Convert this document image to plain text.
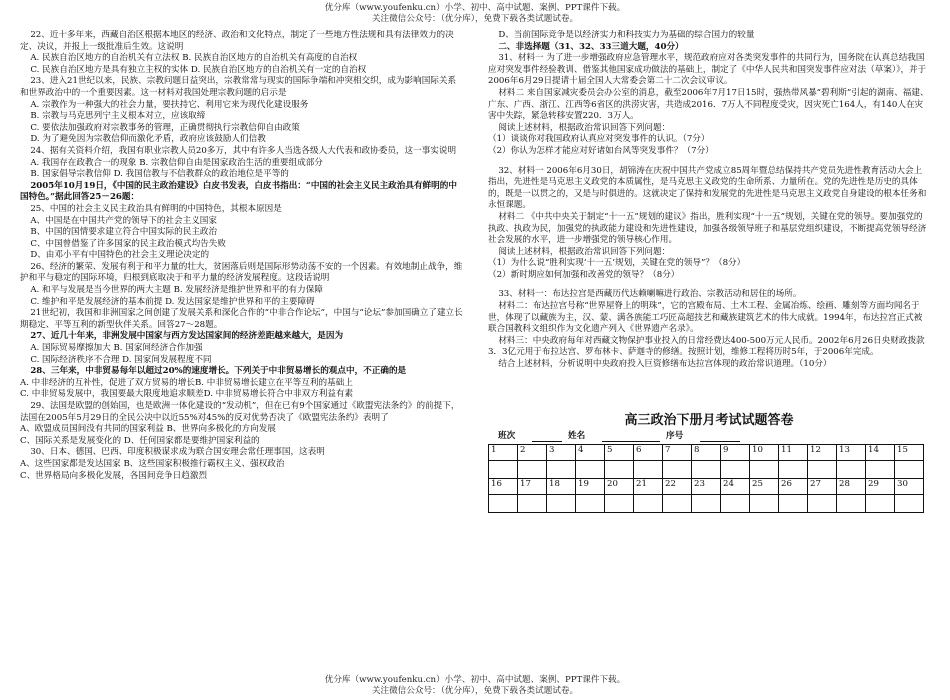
优分库（www.youfenku.cn）小学、初中、高中试题、案例、PPT课件下载。
关注微信公众号：（优分库），免费下载各类试题试卷。

22、近十多年来，西藏自治区根据本地区的经济、政治和文化特点，制定了一些地方性法规和具有法律效力的决定、决议，并报上一级批准后生效。这说明

A. 民族自治区地方的自治机关有立法权 B. 民族自治区地方的自治机关有高度的自治权

C. 民族自治区地方是具有独立主权的实体 D. 民族自治区地方的自治机关有一定的自治权

23、进入21世纪以来，民族、宗教问题日益突出，宗教常常与现实的国际争端和冲突相交织，成为影响国际关系和世界政治中的一个重要因素。这一材料对我国处理宗教问题的启示是

A. 宗教作为一种强大的社会力量，要扶持它、利用它来为现代化建设服务

B. 宗教与马克思列宁主义根本对立，应该取缔

C. 要依法加强政府对宗教事务的管理，正确贯彻执行宗教信仰自由政策

D. 为了避免因为宗教信仰而激化矛盾，政府应该鼓励人们信教

24、据有关资料介绍，我国有职业宗教人员20多万，其中有许多人当选各级人大代表和政协委员，这一事实说明

A. 我国存在政教合一的现象 B. 宗教信仰自由是国家政治生活的重要组成部分

B. 国家倡导宗教信仰 D. 我国信教与不信教群众的政治地位是平等的

2005年10月19日，《中国的民主政治建设》白皮书发表，白皮书指出：“中国的社会主义民主政治具有鲜明的中国特色。”据此回答25－26题：

25、中国的社会主义民主政治具有鲜明的中国特色，其根本原因是

A、中国是在中国共产党的领导下的社会主义国家

B、中国的国情要求建立符合中国实际的民主政治

C、中国曾借鉴了许多国家的民主政治模式均告失败

D、由邓小平有中国特色的社会主义理论决定的

26、经济的繁荣、发展有利于和平力量的壮大，贫困落后则是国际形势动荡不安的一个因素。有效地制止战争，维护和平与稳定的国际环境，归根到底取决于和平力量的经济发展程度。这段话说明

A. 和平与发展是当今世界的两大主题 B. 发展经济是维护世界和平的有力保障

C. 维护和平是发展经济的基本前提 D. 发达国家是维护世界和平的主要障碍

21世纪初，我国和非洲国家之间创建了发展关系和深化合作的“中非合作论坛”，中国与“论坛”参加国确立了建立长期稳定、平等互利的新型伙伴关系。回答27～28题。

27、近几十年来，非洲发展中国家与西方发达国家间的经济差距越来越大，是因为

A. 国际贸易摩擦加大 B. 国家间经济合作加强

C. 国际经济秩序不合理 D. 国家间发展程度不同

28、三年来，中非贸易每年以超过20%的速度增长。下列关于中非贸易增长的观点中，不正确的是

A. 中非经济的互补性，促进了双方贸易的增长B. 中非贸易增长建立在平等互利的基础上

C. 中非贸易发展中，我国要最大限度地追求顺差D. 中非贸易增长符合中非双方利益有素

29、法国是欧盟的创始国，也是欧洲一体化建设的“发动机”，但在已有9个国家通过《欧盟宪法条约》的前提下，法国在2005年5月29日的全民公决中以近55%对45%的反对优势否决了《欧盟宪法条约》表明了

A、欧盟成员国间没有共同的国家利益 B、世界向多极化的方向发展

C、国际关系是发展变化的 D、任何国家都是要维护国家利益的

30、日本、德国、巴西、印度积极谋求成为联合国安理会常任理事国，这表明

A、这些国家都是发达国家 B、这些国家积极推行霸权主义、强权政治

C、世界格局向多极化发展，各国间竞争日趋激烈

D、当前国际竞争是以经济实力和科技实力为基础的综合国力的较量

二、非选择题（31、32、33三道大题，40分）

31、材料一 为了进一步增强政府应急管理水平，规范政府应对各类突发事件的共同行为，国务院在认真总结我国应对突发事件经验教训、借鉴其他国家成功做法的基础上，制定了《中华人民共和国突发事件应对法（草案）》，并于2006年6月29日提请十届全国人大常委会第二十二次会议审议。

材料二 来自国家减灾委员会办公室的消息，截至2006年7月17日15时，强热带风暴“碧利斯”引起的湖南、福建、广东、广西、浙江、江西等6省区的洪涝灾害，共造成2016．7万人不同程度受灾，因灾死亡164人，有140人在灾害中失踪，紧急转移安置220．3万人。

阅读上述材料，根据政治常识回答下列问题：

（1）谈谈你对我国政府认真应对突发事件的认识。（7分）

（2）你认为怎样才能应对好诸如台风等突发事件？（7分）

32、材料一 2006年6月30日，胡锦涛在庆祝中国共产党成立85周年暨总结保持共产党员先进性教育活动大会上指出，先进性是马克思主义政党的本质属性，是马克思主义政党的生命所系、力量所在。党的先进性是历史的具体的，既是一以贯之的，又是与时俱进的。这就决定了保持和发展党的先进性是马克思主义政党自身建设的根本任务和永恒课题。

材料二 《中共中央关于制定“十一五”规划的建议》指出，胜利实现“十一五”规划，关键在党的领导。要加强党的执政、执政为民，加强党的执政能力建设和先进性建设，加强各级领导班子和基层党组织建设，不断提高党领导经济社会发展的水平，进一步增强党的领导核心作用。

阅读上述材料，根据政治常识回答下列问题：

（1）为什么说“胜利实现‘十一五’规划，关键在党的领导”？（8分）

（2）新时期应如何加强和改善党的领导？（8分）

33、材料一：布达拉宫是西藏历代达赖喇嘛进行政治、宗教活动和居住的场所。

材料二：布达拉宫号称“世界屋脊上的明珠”，它的宫殿布局、土木工程、金属冶炼、绘画、雕刻等方面均闻名于世，体现了以藏族为主，汉、蒙、满各族能工巧匠高超技艺和藏族建筑艺术的伟大成就。1994年，布达拉宫正式被联合国教科文组织作为文化遗产列入《世界遗产名录》。

材料三：中央政府每年对西藏文物保护事业投入的日常经费达400-500万元人民币。2002年6月26日央财政拨款3．3亿元用于布拉达宫、罗布林卡、萨迦寺的修缮。按照计划，维修工程将历时5年，于2006年完成。

结合上述材料，分析说明中央政府投入巨资修缮布达拉宫体现的政治常识道理。（10分）

高三政治下册月考试试题答卷
班次	姓名	序号
1	2	3	4	5	6	7	8	9	10	11	12	13	14	15

16	17	18	19	20	21	22	23	24	25	26	27	28	29	30

优分库（www.youfenku.cn）小学、初中、高中试题、案例、PPT课件下载。
关注微信公众号：（优分库），免费下载各类试题试卷。
